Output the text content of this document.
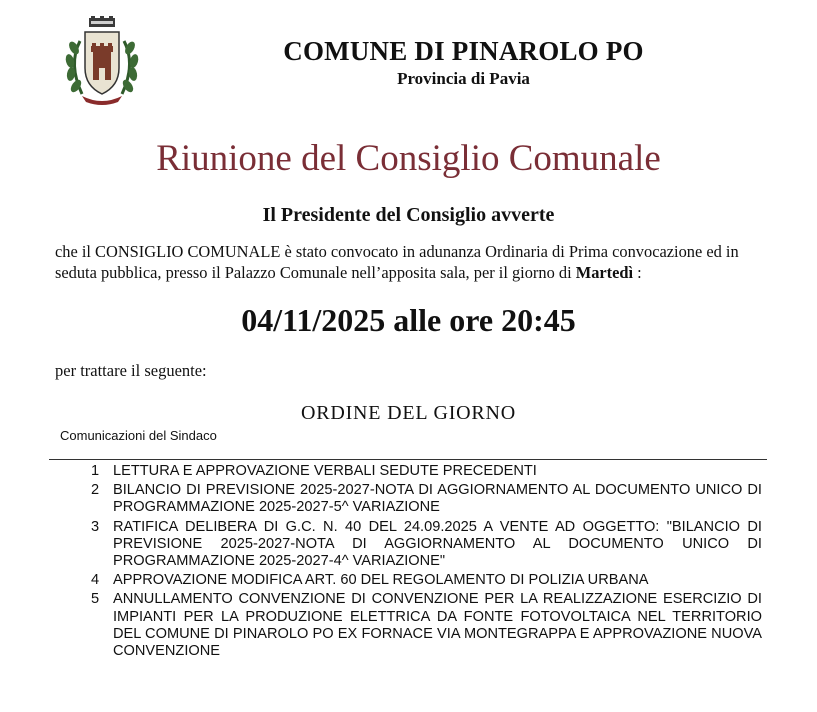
COMUNE DI PINAROLO PO
Provincia di Pavia
Riunione del Consiglio Comunale
Il Presidente del Consiglio avverte
che il CONSIGLIO COMUNALE è stato convocato in adunanza Ordinaria di Prima convocazione ed in seduta pubblica, presso il Palazzo Comunale nell’apposita sala, per il giorno di Martedì :
04/11/2025 alle ore 20:45
per trattare il seguente:
ORDINE DEL GIORNO
Comunicazioni del Sindaco
1 LETTURA E APPROVAZIONE VERBALI SEDUTE PRECEDENTI
2 BILANCIO DI PREVISIONE 2025-2027-NOTA DI AGGIORNAMENTO AL DOCUMENTO UNICO DI PROGRAMMAZIONE 2025-2027-5^ VARIAZIONE
3 RATIFICA DELIBERA DI G.C. N. 40 DEL 24.09.2025 A VENTE AD OGGETTO: "BILANCIO DI PREVISIONE 2025-2027-NOTA DI AGGIORNAMENTO AL DOCUMENTO UNICO DI PROGRAMMAZIONE 2025-2027-4^ VARIAZIONE"
4 APPROVAZIONE MODIFICA ART. 60 DEL REGOLAMENTO DI POLIZIA URBANA
5 ANNULLAMENTO CONVENZIONE DI CONVENZIONE PER LA REALIZZAZIONE ESERCIZIO DI IMPIANTI PER LA PRODUZIONE ELETTRICA DA FONTE FOTOVOLTAICA NEL TERRITORIO DEL COMUNE DI PINAROLO PO EX FORNACE VIA MONTEGRAPPA E APPROVAZIONE NUOVA CONVENZIONE
